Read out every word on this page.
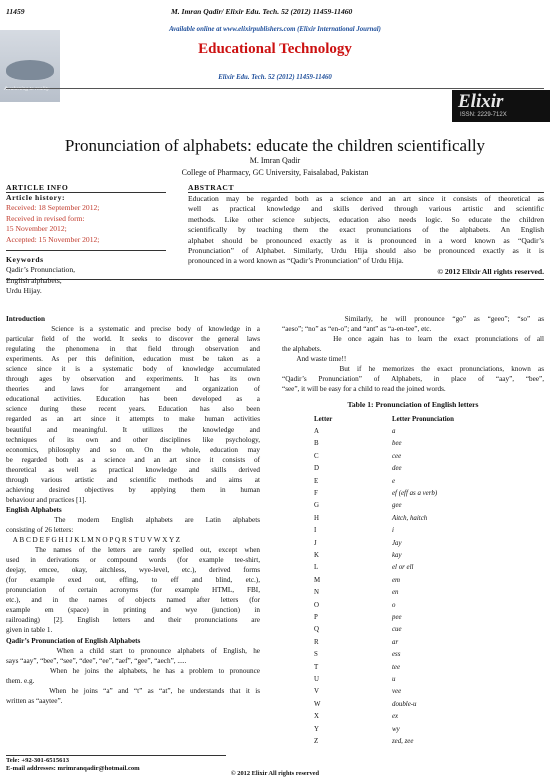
11459	M. Imran Qadir/ Elixir Edu. Tech. 52 (2012) 11459-11460
Available online at www.elixirpublishers.com (Elixir International Journal)
Awakening to reality
Educational Technology
Elixir Edu. Tech. 52 (2012) 11459-11460
Elixir
ISSN: 2229-712X
Pronunciation of alphabets: educate the children scientifically
M. Imran Qadir
College of Pharmacy, GC University, Faisalabad, Pakistan
ARTICLE INFO
Article history:
Received: 18 September 2012;
Received in revised form:
15 November 2012;
Accepted: 15 November 2012;
Keywords
Qadir’s Pronunciation,
English alphabets,
Urdu Hijay.
ABSTRACT
Education may be regarded both as a science and an art since it consists of theoretical as
well as practical knowledge and skills derived through various artistic and scientific
methods. Like other science subjects, education also needs logic. So educate the children
scientifically by teaching them the exact pronunciations of the alphabets. An English
alphabet should be pronounced exactly as it is pronounced in a word known as “Qadir’s
Pronunciation” of Alphabet. Similarly, Urdu Hija should also be pronounced exactly as it is
pronounced in a word known as “Qadir’s Pronunciation” of Urdu Hija.
© 2012 Elixir All rights reserved.
Introduction
Science is a systematic and precise body of knowledge in a
particular field of the world. It seeks to discover the general laws
regulating the phenomena in that field through observation and
experiments. As per this definition, education must be taken as a
science since it is a systematic body of knowledge accumulated
through ages by observation and experiments. It has its own
theories and laws for arrangement and organization of
educational activities. Education has been developed as a
science during these recent years. Education has also been
regarded as an art since it attempts to make human activities
beautiful and meaningful. It utilizes the knowledge and
techniques of its own and other disciplines like psychology,
economics, philosophy and so on. On the whole, education may
be regarded both as a science and an art since it consists of
theoretical as well as practical knowledge and skills derived
through various artistic and scientific methods and aims at
achieving desired objectives by applying them in human
behaviour and practices [1].
English Alphabets
The modern English alphabets are Latin alphabets
consisting of 26 letters:
A B C D E F G H I J K L M N O P Q R S T U V W X Y Z
The names of the letters are rarely spelled out, except when
used in derivations or compound words (for example tee-shirt,
deejay, emcee, okay, aitchless, wye-level, etc.), derived forms
(for example exed out, effing, to eff and blind, etc.),
pronunciation of certain acronyms (for example HTML, FBI,
etc.), and in the names of objects named after letters (for
example em (space) in printing and wye (junction) in
railroading) [2]. English letters and their pronunciations are
given in table 1.
Qadir’s Pronunciation of English Alphabets
When a child start to pronounce alphabets of English, he
says “aay”, “bee”, “see”, “dee”, “ee”, “aef”, “gee”, “aech”, .....
When he joins the alphabets, he has a problem to pronounce
them. e.g.
When he joins “a” and “t” as “at”, he understands that it is
written as “aaytee”.
Similarly, he will pronounce “go” as “geeo”; “so” as
“aeso”; “no” as “en-o”; and “ant” as “a-en-tee”, etc.
He once again has to learn the exact pronunciations of all
the alphabets.
And waste time!!
But if he memorizes the exact pronunciations, known as
“Qadir’s Pronunciation” of Alphabets, in place of “aay”, “bee”,
“see”, it will be easy for a child to read the joined words.
Table 1: Pronunciation of English letters
Letter	Letter Pronunciation
A	a
B	bee
C	cee
D	dee
E	e
F	ef (eff as a verb)
G	gee
H	Aitch, haitch
I	i
J	Jay
K	kay
L	el or ell
M	em
N	en
O	o
P	pee
Q	cue
R	ar
S	ess
T	tee
U	u
V	vee
W	double-u
X	ex
Y	wy
Z	zed, zee
Tele: +92-301-6515613
E-mail addresses: mrimranqadir@hotmail.com
© 2012 Elixir All rights reserved
